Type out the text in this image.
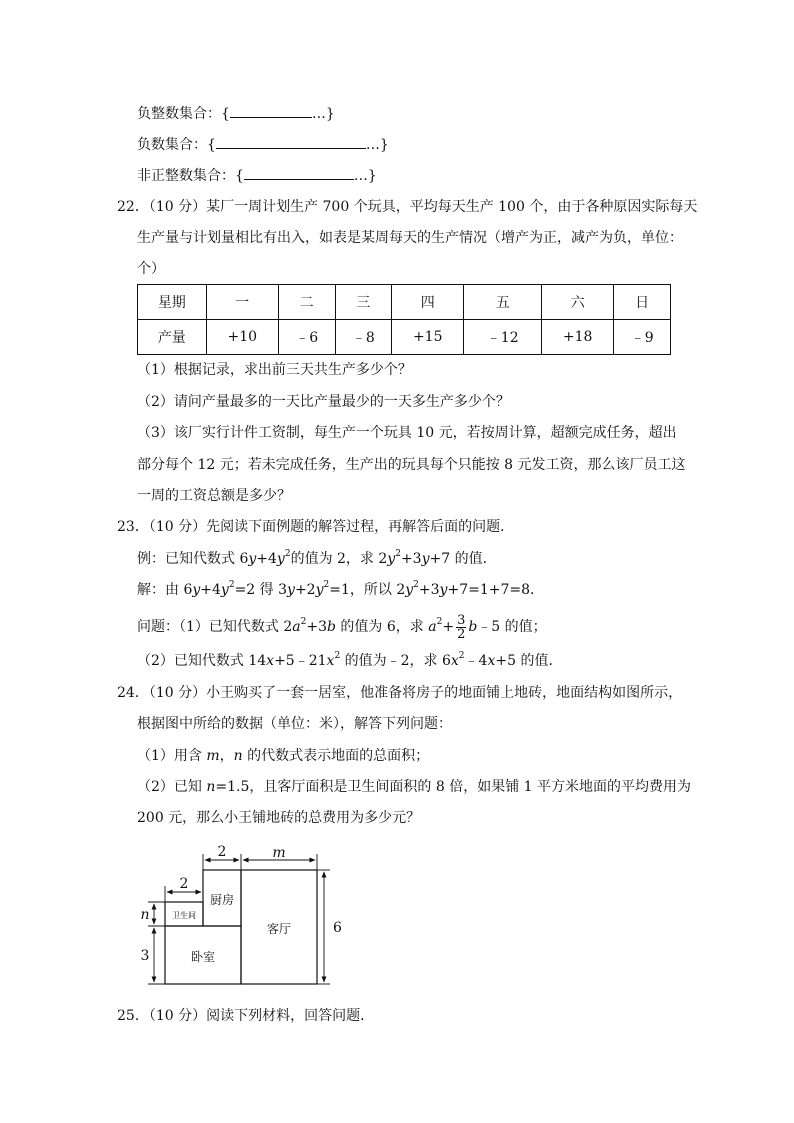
负整数集合：{	…}
负数集合：{	…}
非正整数集合：{	…}
22．（10 分）某厂一周计划生产 700 个玩具，平均每天生产 100 个，由于各种原因实际每天
生产量与计划量相比有出入，如表是某周每天的生产情况（增产为正，减产为负，单位：
个）
星期	一	二	三	四	五	六	日
产量	+10	﹣6	﹣8	+15	﹣12	+18	﹣9
（1）根据记录，求出前三天共生产多少个？
（2）请问产量最多的一天比产量最少的一天多生产多少个？
（3）该厂实行计件工资制，每生产一个玩具 10 元，若按周计算，超额完成任务，超出
部分每个 12 元；若未完成任务，生产出的玩具每个只能按 8 元发工资，那么该厂员工这
一周的工资总额是多少？
23．（10 分）先阅读下面例题的解答过程，再解答后面的问题．
例：已知代数式 $6y+4y^2$的值为 2，求 $2y^2+3y+7$ 的值．
解：由 $6y+4y^2=2$ 得 $3y+2y^2=1$，所以 $2y^2+3y+7=1+7=8$．
问题：（1）已知代数式 $2a^2+3b$ 的值为 6，求 $a^2+ \frac{3}{2}$ b﹣5 的值；
（2）已知代数式 $14x+5﹣21x^2$ 的值为﹣2，求 $6x^2﹣4x+5$ 的值．
24．（10 分）小王购买了一套一居室，他准备将房子的地面铺上地砖，地面结构如图所示，
根据图中所给的数据（单位：米），解答下列问题：
（1）用含 m，n 的代数式表示地面的总面积；
（2）已知 n=1.5，且客厅面积是卫生间面积的 8 倍，如果铺 1 平方米地面的平均费用为
200 元，那么小王铺地砖的总费用为多少元？
2	m
2
n
3
6
厨房
卫生间
卧室
客厅
25．（10 分）阅读下列材料，回答问题．
